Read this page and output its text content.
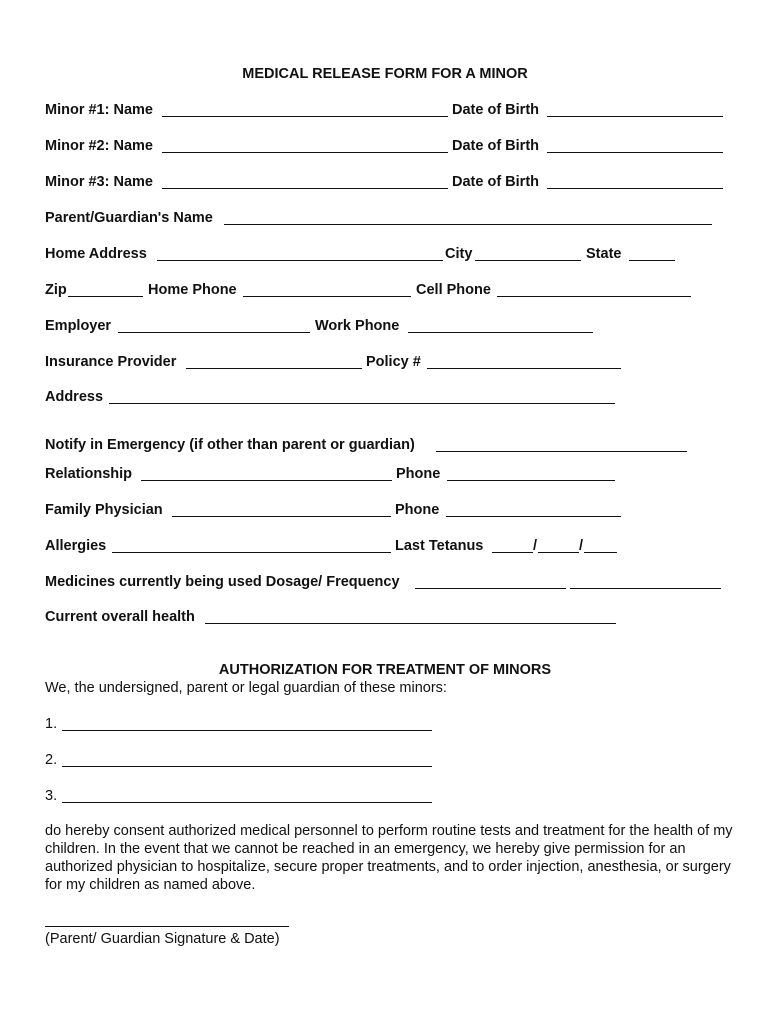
MEDICAL RELEASE FORM FOR A MINOR
Minor #1: Name	Date of Birth
Minor #2: Name	Date of Birth
Minor #3: Name	Date of Birth
Parent/Guardian's Name
Home Address	City	State
Zip	Home Phone	Cell Phone
Employer	Work Phone
Insurance Provider	Policy #
Address
Notify in Emergency (if other than parent or guardian)
Relationship	Phone
Family Physician	Phone
Allergies	Last Tetanus	/	/
Medicines currently being used Dosage/ Frequency
Current overall health
AUTHORIZATION FOR TREATMENT OF MINORS
We, the undersigned, parent or legal guardian of these minors:
1.
2.
3.

do hereby consent authorized medical personnel to perform routine tests and treatment for the health of my children. In the event that we cannot be reached in an emergency, we hereby give permission for an authorized physician to hospitalize, secure proper treatments, and to order injection, anesthesia, or surgery for my children as named above.

(Parent/ Guardian Signature & Date)
